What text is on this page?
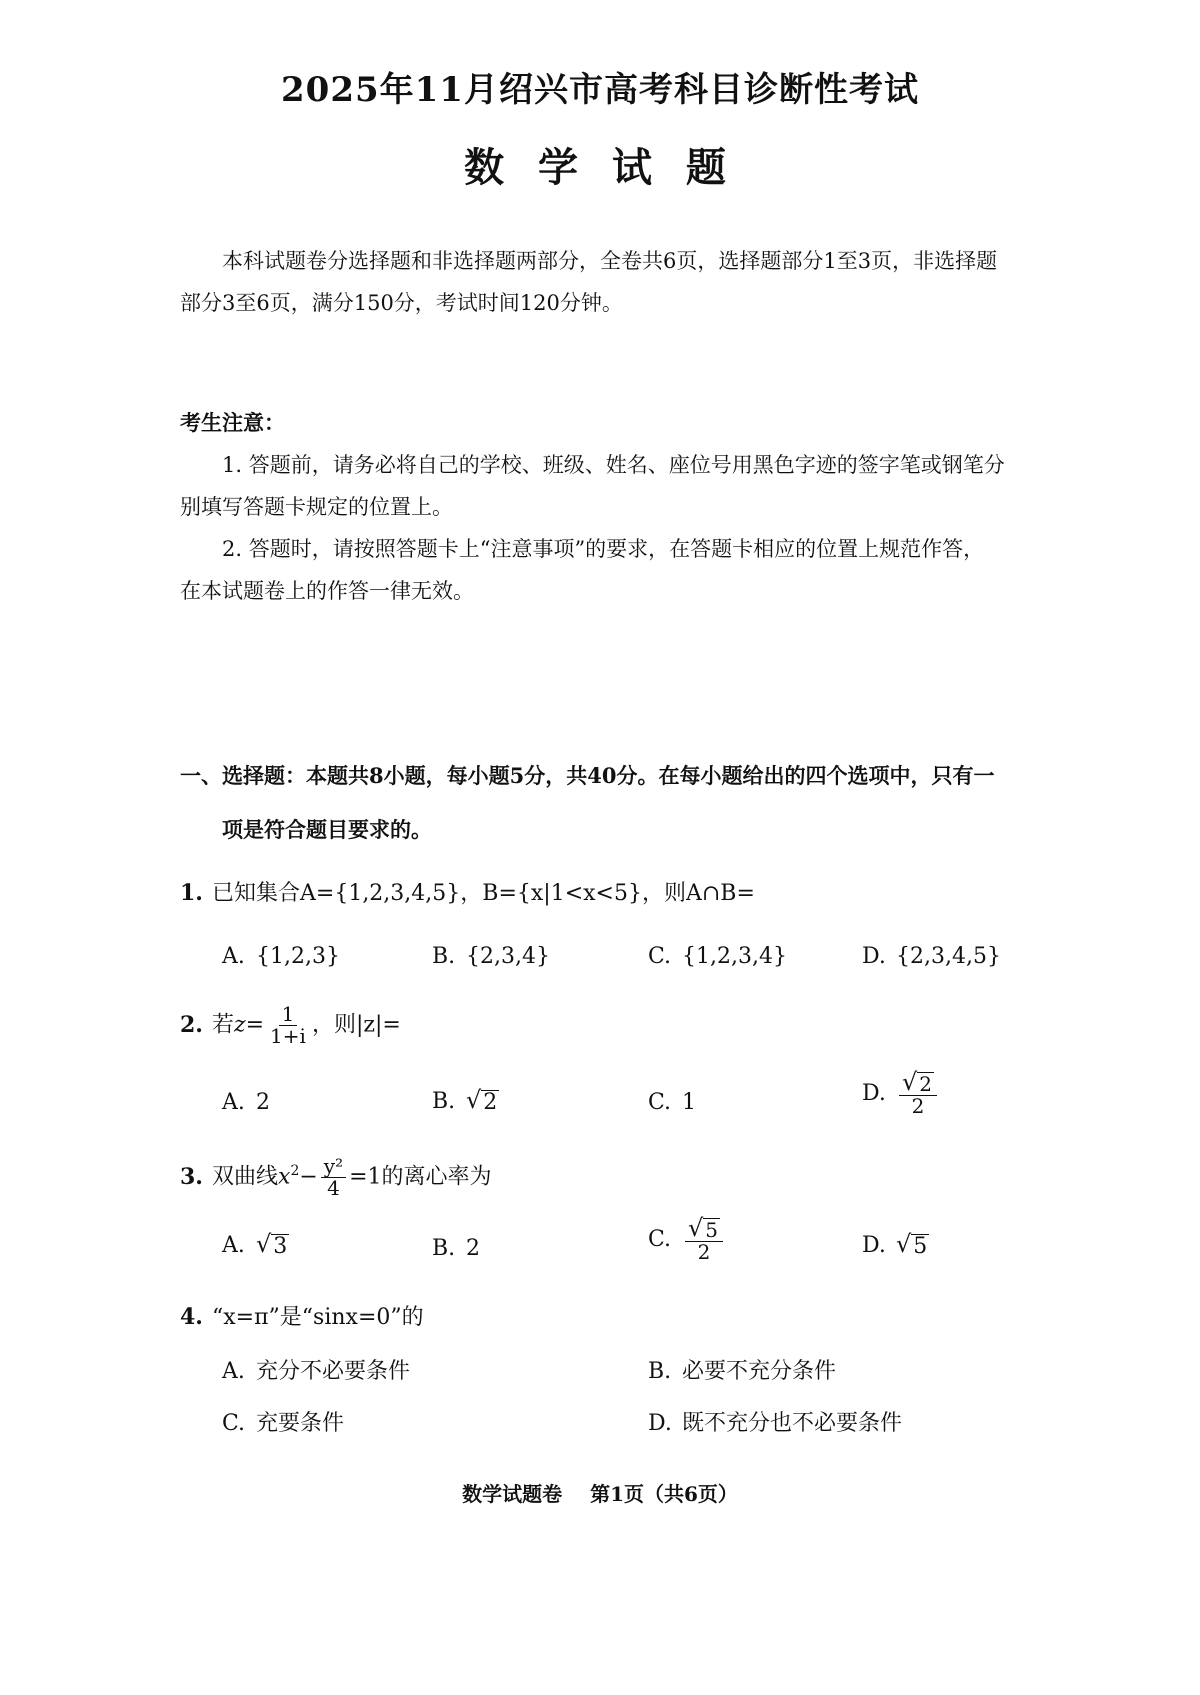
2025年11月绍兴市高考科目诊断性考试
数 学 试 题
本科试题卷分选择题和非选择题两部分，全卷共6页，选择题部分1至3页，非选择题
部分3至6页，满分150分，考试时间120分钟。
考生注意：
1. 答题前，请务必将自己的学校、班级、姓名、座位号用黑色字迹的签字笔或钢笔分
别填写答题卡规定的位置上。
2. 答题时，请按照答题卡上“注意事项”的要求，在答题卡相应的位置上规范作答，
在本试题卷上的作答一律无效。
一、选择题：本题共8小题，每小题5分，共40分。在每小题给出的四个选项中，只有一
项是符合题目要求的。
1. 已知集合A={1,2,3,4,5}，B={x|1<x<5}，则A∩B=
A. {1,2,3}	B. {2,3,4}	C. {1,2,3,4}	D. {2,3,4,5}
2. 若$z= \frac{1}{1+i}$ ，则|z|=
A. 2	B. √ 2	C. 1	D. $\frac{√ 2}{2}$
3. 双曲线$x^2- \frac{\text{y²}}{4} =1$的离心率为
A. √ 3	B. 2	C. $\frac{√ 5}{2}$	D. √ 5
4. “x=π”是“sinx=0”的
A. 充分不必要条件	B. 必要不充分条件
C. 充要条件	D. 既不充分也不必要条件
数学试题卷 第1页（共6页）
